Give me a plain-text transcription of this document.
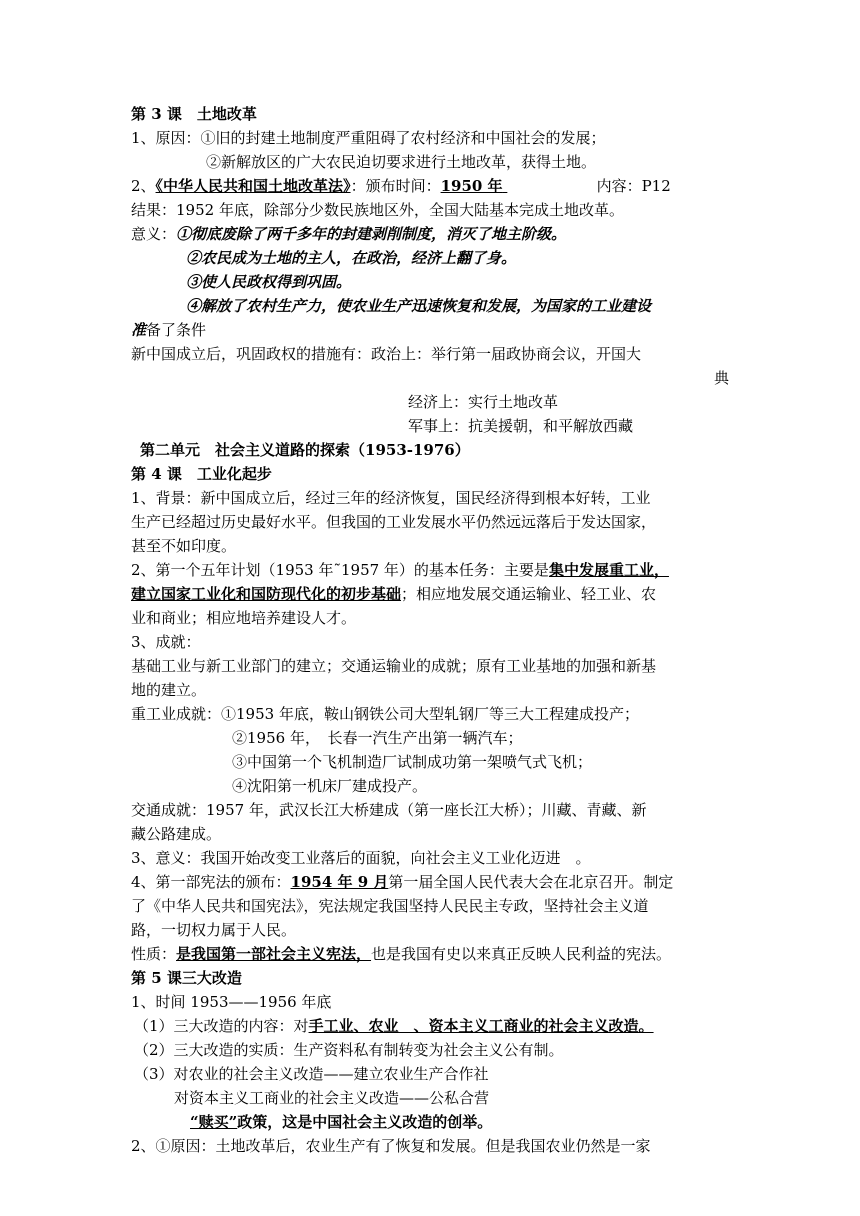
第 3 课　土地改革
1、原因：①旧的封建土地制度严重阻碍了农村经济和中国社会的发展；
②新解放区的广大农民迫切要求进行土地改革，获得土地。
2、《中华人民共和国土地改革法》：颁布时间：1950 年	内容：P12
结果：1952 年底，除部分少数民族地区外，全国大陆基本完成土地改革。
意义：①彻底废除了两千多年的封建剥削制度，消灭了地主阶级。
②农民成为土地的主人，在政治，经济上翻了身。
③使人民政权得到巩固。
④解放了农村生产力，使农业生产迅速恢复和发展，为国家的工业建设
准备了条件
新中国成立后，巩固政权的措施有：政治上：举行第一届政协商会议，开国大
典
经济上：实行土地改革
军事上：抗美援朝，和平解放西藏
第二单元　社会主义道路的探索（1953-1976）
第 4 课　工业化起步
1、背景：新中国成立后，经过三年的经济恢复，国民经济得到根本好转，工业
生产已经超过历史最好水平。但我国的工业发展水平仍然远远落后于发达国家，
甚至不如印度。
2、第一个五年计划（1953 年˜1957 年）的基本任务：主要是集中发展重工业，
建立国家工业化和国防现代化的初步基础；相应地发展交通运输业、轻工业、农
业和商业；相应地培养建设人才。
3、成就：
基础工业与新工业部门的建立；交通运输业的成就；原有工业基地的加强和新基
地的建立。
重工业成就：①1953 年底，鞍山钢铁公司大型轧钢厂等三大工程建成投产；
②1956 年，　长春一汽生产出第一辆汽车；
③中国第一个飞机制造厂试制成功第一架喷气式飞机；
④沈阳第一机床厂建成投产。
交通成就：1957 年，武汉长江大桥建成（第一座长江大桥）；川藏、青藏、新
藏公路建成。
3、意义：我国开始改变工业落后的面貌，向社会主义工业化迈进　。
4、第一部宪法的颁布：1954 年 9 月第一届全国人民代表大会在北京召开。制定
了《中华人民共和国宪法》，宪法规定我国坚持人民民主专政，坚持社会主义道
路，一切权力属于人民。
性质：是我国第一部社会主义宪法，也是我国有史以来真正反映人民利益的宪法。
第 5 课三大改造
1、时间 1953——1956 年底
（1）三大改造的内容：对手工业、农业　、资本主义工商业的社会主义改造。
（2）三大改造的实质：生产资料私有制转变为社会主义公有制。
（3）对农业的社会主义改造——建立农业生产合作社
对资本主义工商业的社会主义改造——公私合营
“赎买”政策，这是中国社会主义改造的创举。
2、①原因：土地改革后，农业生产有了恢复和发展。但是我国农业仍然是一家
